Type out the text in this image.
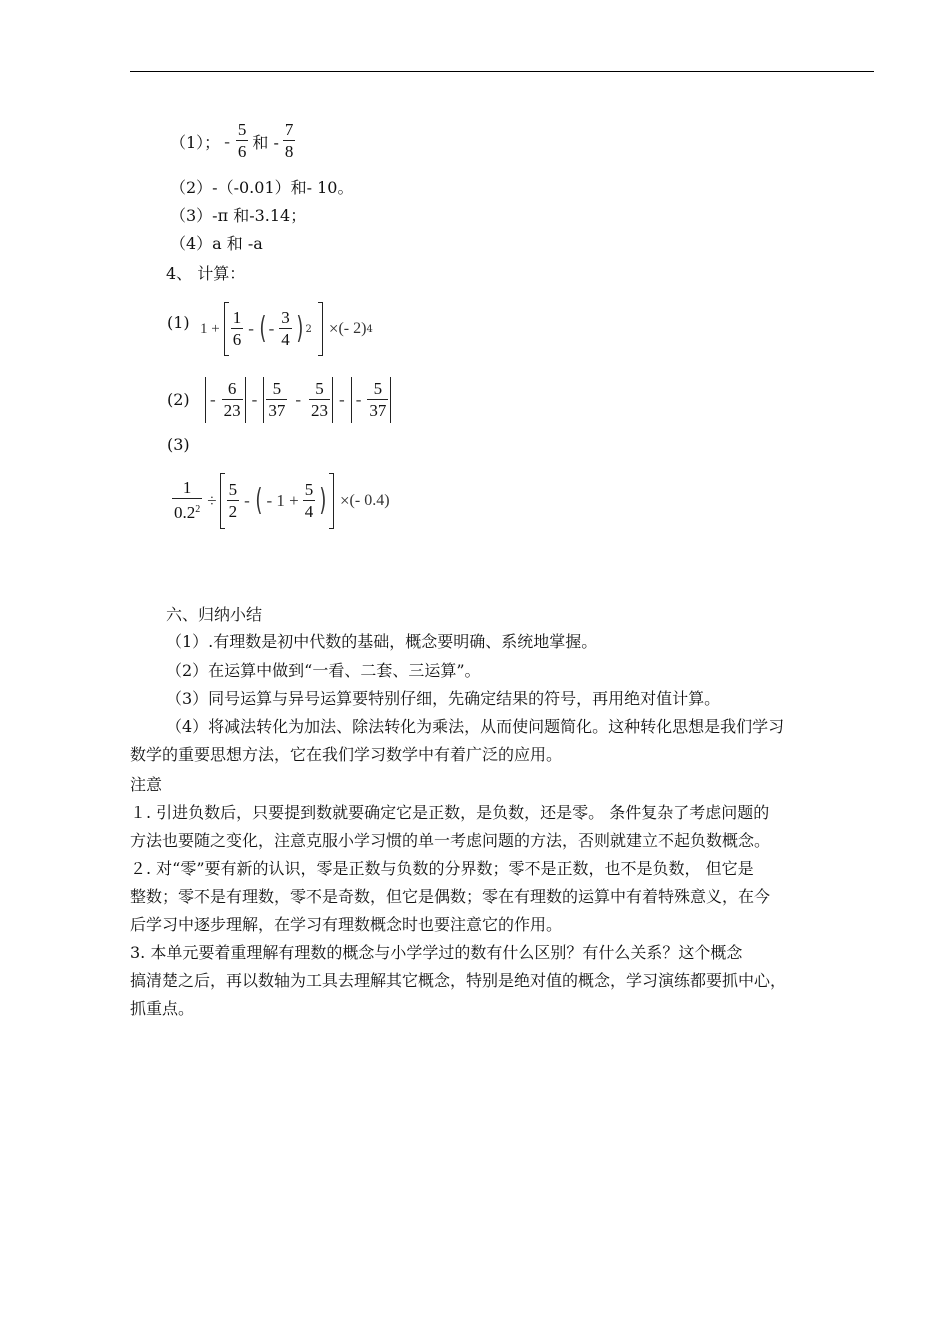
（1）； - $\frac{5}{6}$ 和 - $\frac{7}{8}$
（2）-（-0.01）和- 10。
（3）-π 和-3.14；
（4）a 和 -a
4、 计算：
(1) $1 + \frac{1}{6}$ - ( - $\frac{3}{4}$ ) 2 × (- 2) 4
$(2) - \frac{6}{23} - \frac{5}{37} - \frac{5}{23}$ - - $\frac{5}{37}$
(3)
$\frac{1}{0.2^2} \div \frac{5}{2}$ - ( - $1 + \frac{5}{4}$ ) × (- 0.4)
六、归纳小结
（1）.有理数是初中代数的基础，概念要明确、系统地掌握。
（2）在运算中做到“一看、二套、三运算”。
（3）同号运算与异号运算要特别仔细，先确定结果的符号，再用绝对值计算。
（4）将减法转化为加法、除法转化为乘法，从而使问题简化。这种转化思想是我们学习
数学的重要思想方法，它在我们学习数学中有着广泛的应用。
注意
１. 引进负数后，只要提到数就要确定它是正数，是负数，还是零。 条件复杂了考虑问题的
方法也要随之变化，注意克服小学习惯的单一考虑问题的方法，否则就建立不起负数概念。
２. 对“零”要有新的认识，零是正数与负数的分界数；零不是正数，也不是负数， 但它是
整数；零不是有理数，零不是奇数，但它是偶数；零在有理数的运算中有着特殊意义，在今
后学习中逐步理解，在学习有理数概念时也要注意它的作用。
3. 本单元要着重理解有理数的概念与小学学过的数有什么区别？有什么关系？这个概念
搞清楚之后，再以数轴为工具去理解其它概念，特别是绝对值的概念，学习演练都要抓中心，
抓重点。
